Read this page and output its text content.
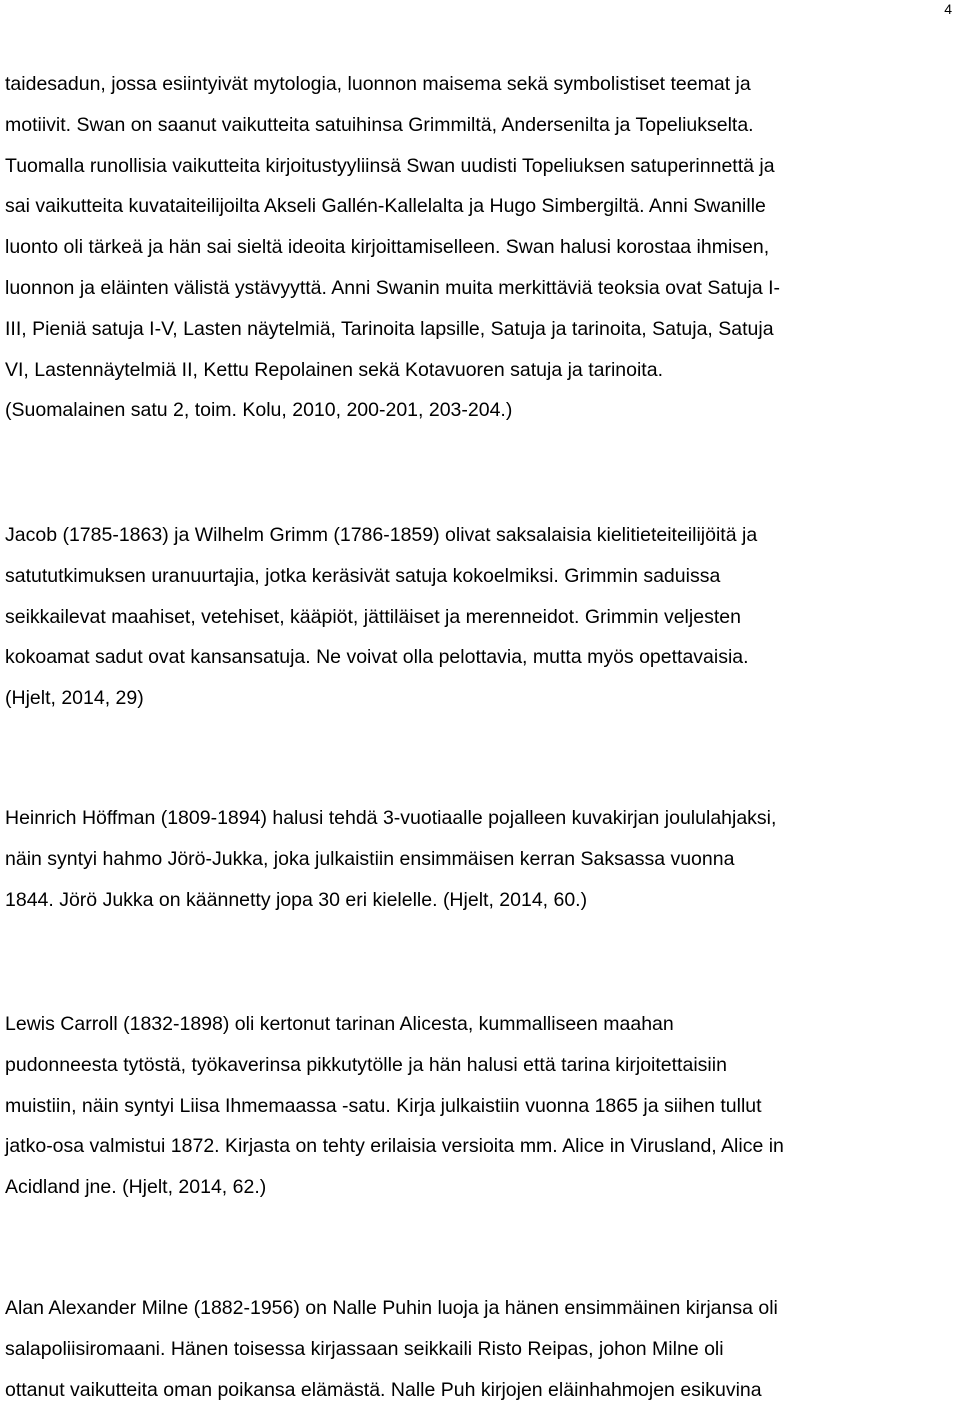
4

taidesadun, jossa esiintyivät mytologia, luonnon maisema sekä symbolistiset teemat ja
motiivit. Swan on saanut vaikutteita satuihinsa Grimmiltä, Andersenilta ja Topeliukselta.
Tuomalla runollisia vaikutteita kirjoitustyyliinsä Swan uudisti Topeliuksen satuperinnettä ja
sai vaikutteita kuvataiteilijoilta Akseli Gallén-Kallelalta ja Hugo Simbergiltä. Anni Swanille
luonto oli tärkeä ja hän sai sieltä ideoita kirjoittamiselleen. Swan halusi korostaa ihmisen,
luonnon ja eläinten välistä ystävyyttä. Anni Swanin muita merkittäviä teoksia ovat Satuja I-
III, Pieniä satuja I-V, Lasten näytelmiä, Tarinoita lapsille, Satuja ja tarinoita, Satuja, Satuja
VI, Lastennäytelmiä II, Kettu Repolainen sekä Kotavuoren satuja ja tarinoita.
(Suomalainen satu 2, toim. Kolu, 2010, 200-201, 203-204.)

Jacob (1785-1863) ja Wilhelm Grimm (1786-1859) olivat saksalaisia kielitieteiteilijöitä ja
satututkimuksen uranuurtajia, jotka keräsivät satuja kokoelmiksi. Grimmin saduissa
seikkailevat maahiset, vetehiset, kääpiöt, jättiläiset ja merenneidot. Grimmin veljesten
kokoamat sadut ovat kansansatuja. Ne voivat olla pelottavia, mutta myös opettavaisia.
(Hjelt, 2014, 29)

Heinrich Höffman (1809-1894) halusi tehdä 3-vuotiaalle pojalleen kuvakirjan joululahjaksi,
näin syntyi hahmo Jörö-Jukka, joka julkaistiin ensimmäisen kerran Saksassa vuonna
1844. Jörö Jukka on käännetty jopa 30 eri kielelle. (Hjelt, 2014, 60.)

Lewis Carroll (1832-1898) oli kertonut tarinan Alicesta, kummalliseen maahan
pudonneesta tytöstä, työkaverinsa pikkutytölle ja hän halusi että tarina kirjoitettaisiin
muistiin, näin syntyi Liisa Ihmemaassa -satu. Kirja julkaistiin vuonna 1865 ja siihen tullut
jatko-osa valmistui 1872. Kirjasta on tehty erilaisia versioita mm. Alice in Virusland, Alice in
Acidland jne. (Hjelt, 2014, 62.)

Alan Alexander Milne (1882-1956) on Nalle Puhin luoja ja hänen ensimmäinen kirjansa oli
salapoliisiromaani. Hänen toisessa kirjassaan seikkaili Risto Reipas, johon Milne oli
ottanut vaikutteita oman poikansa elämästä. Nalle Puh kirjojen eläinhahmojen esikuvina
